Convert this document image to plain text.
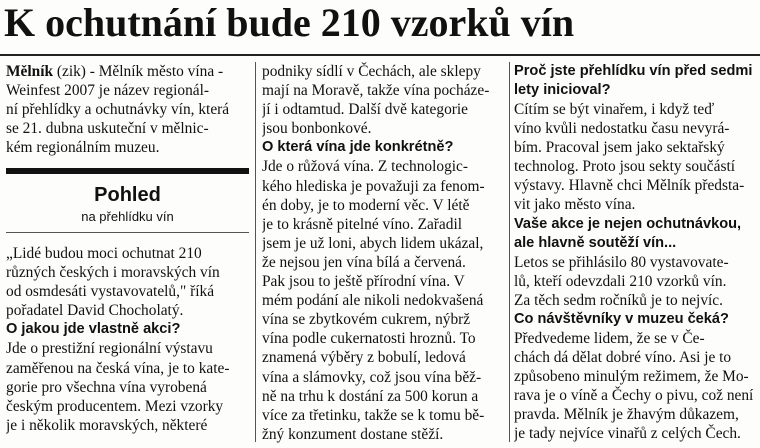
K ochutnání bude 210 vzorků vín

Mělník (zik) - Mělník město vína -
Weinfest 2007 je název regionál-
ní přehlídky a ochutnávky vín, která
se 21. dubna uskuteční v mělnic-
kém regionálním muzeu.

Pohled
na přehlídku vín

„Lidé budou moci ochutnat 210
různých českých i moravských vín
od osmdesáti vystavovatelů," říká
pořadatel David Chocholatý.

O jakou jde vlastně akci?

Jde o prestižní regionální výstavu
zaměřenou na česká vína, je to kate-
gorie pro všechna vína vyrobená
českým producentem. Mezi vzorky
je i několik moravských, některé

podniky sídlí v Čechách, ale sklepy
mají na Moravě, takže vína pocháze-
jí i odtamtud. Další dvě kategorie
jsou bonbonkové.

O která vína jde konkrétně?

Jde o růžová vína. Z technologic-
kého hlediska je považuji za fenom-
én doby, je to moderní věc. V létě
je to krásně pitelné víno. Zařadil
jsem je už loni, abych lidem ukázal,
že nejsou jen vína bílá a červená.
Pak jsou to ještě přírodní vína. V
mém podání ale nikoli nedokvašená
vína se zbytkovém cukrem, nýbrž
vína podle cukernatosti hroznů. To
znamená výběry z bobulí, ledová
vína a slámovky, což jsou vína běž-
ně na trhu k dostání za 500 korun a
více za třetinku, takže se k tomu bě-
žný konzument dostane stěží.

Proč jste přehlídku vín před sedmi lety inicioval?

Cítím se být vinařem, i když teď
víno kvůli nedostatku času nevyrá-
bím. Pracoval jsem jako sektařský
technolog. Proto jsou sekty součástí
výstavy. Hlavně chci Mělník předsta-
vit jako město vína.

Vaše akce je nejen ochutnávkou, ale hlavně soutěží vín...

Letos se přihlásilo 80 vystavovate-
lů, kteří odevzdali 210 vzorků vín.
Za těch sedm ročníků je to nejvíc.

Co návštěvníky v muzeu čeká?

Předvedeme lidem, že se v Če-
chách dá dělat dobré víno. Asi je to
způsobeno minulým režimem, že Mo-
rava je o víně a Čechy o pivu, což není
pravda. Mělník je žhavým důkazem,
je tady nejvíce vinařů z celých Čech.
